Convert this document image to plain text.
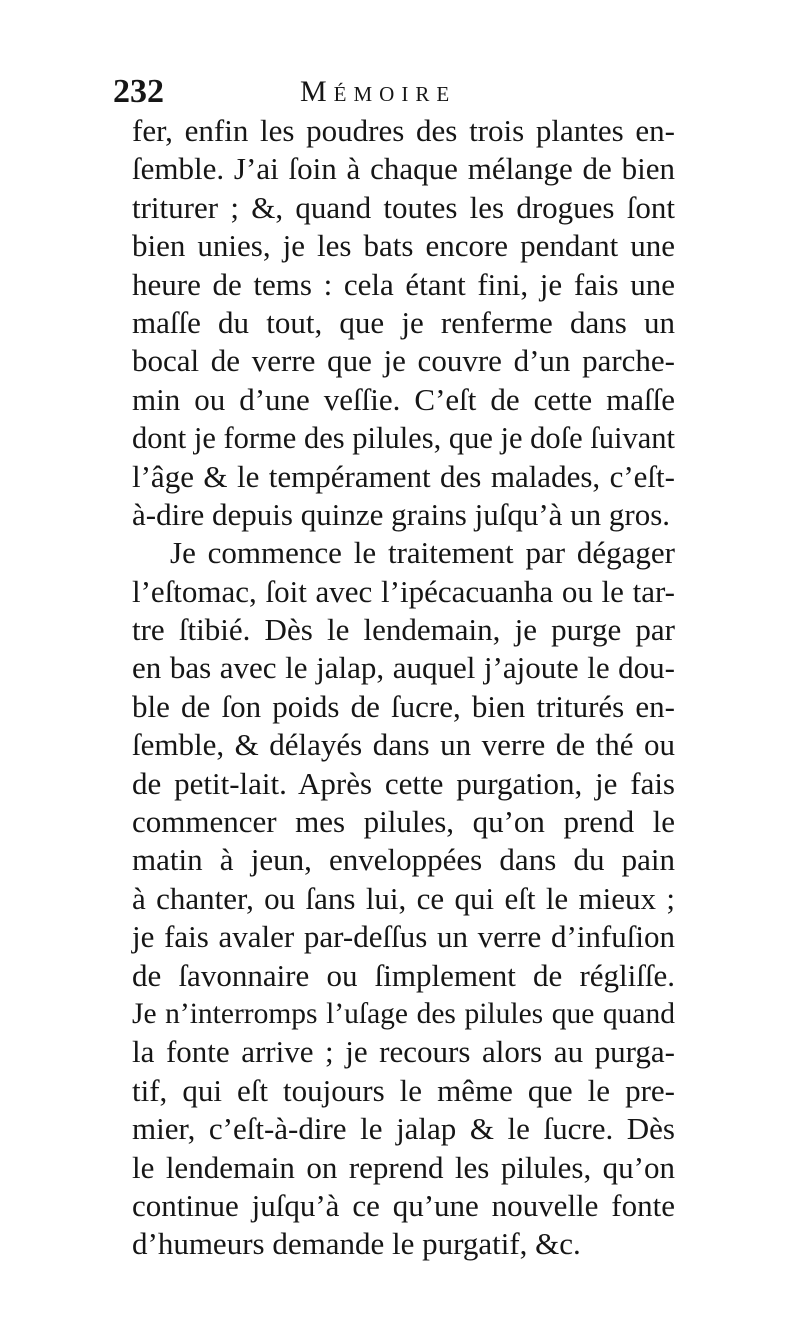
232	Mémoire
fer, enfin les poudres des trois plantes en-
ſemble. J’ai ſoin à chaque mélange de bien
triturer ; &, quand toutes les drogues ſont
bien unies, je les bats encore pendant une
heure de tems : cela étant fini, je fais une
maſſe du tout, que je renferme dans un
bocal de verre que je couvre d’un parche-
min ou d’une veſſie. C’eſt de cette maſſe
dont je forme des pilules, que je doſe ſuivant
l’âge & le tempérament des malades, c’eſt-
à-dire depuis quinze grains juſqu’à un gros.
Je commence le traitement par dégager
l’eſtomac, ſoit avec l’ipécacuanha ou le tar-
tre ſtibié. Dès le lendemain, je purge par
en bas avec le jalap, auquel j’ajoute le dou-
ble de ſon poids de ſucre, bien triturés en-
ſemble, & délayés dans un verre de thé ou
de petit-lait. Après cette purgation, je fais
commencer mes pilules, qu’on prend le
matin à jeun, enveloppées dans du pain
à chanter, ou ſans lui, ce qui eſt le mieux ;
je fais avaler par-deſſus un verre d’infuſion
de ſavonnaire ou ſimplement de régliſſe.
Je n’interromps l’uſage des pilules que quand
la fonte arrive ; je recours alors au purga-
tif, qui eſt toujours le même que le pre-
mier, c’eſt-à-dire le jalap & le ſucre. Dès
le lendemain on reprend les pilules, qu’on
continue juſqu’à ce qu’une nouvelle fonte
d’humeurs demande le purgatif, &c.
